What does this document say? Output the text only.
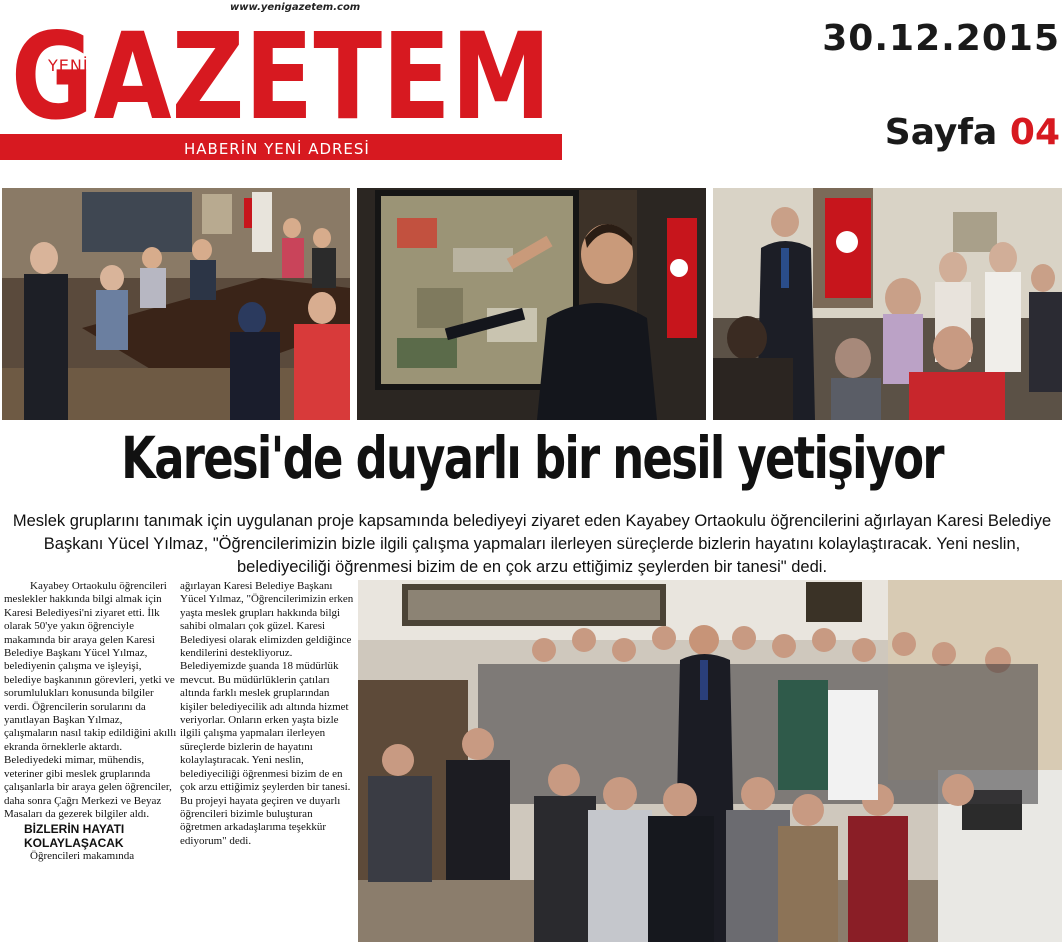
www.yenigazetem.com
GAZETEM
YENİ
HABERİN YENİ ADRESİ
30.12.2015
Sayfa 04
Karesi'de duyarlı bir nesil yetişiyor
Meslek gruplarını tanımak için uygulanan proje kapsamında belediyeyi ziyaret eden Kayabey Ortaokulu öğrencilerini ağırlayan Karesi Belediye Başkanı Yücel Yılmaz, "Öğrencilerimizin bizle ilgili çalışma yapmaları ilerleyen süreçlerde bizlerin hayatını kolaylaştıracak. Yeni neslin, belediyeciliği öğrenmesi bizim de en çok arzu ettiğimiz şeylerden bir tanesi" dedi.

Kayabey Ortaokulu öğrencileri meslekler hakkında bilgi almak için Karesi Belediyesi'ni ziyaret etti. İlk olarak 50'ye yakın öğrenciyle makamında bir araya gelen Karesi Belediye Başkanı Yücel Yılmaz, belediyenin çalışma ve işleyişi, belediye başkanının görevleri, yetki ve sorumlulukları konusunda bilgiler verdi. Öğrencilerin sorularını da yanıtlayan Başkan Yılmaz, çalışmaların nasıl takip edildiğini akıllı ekranda örneklerle aktardı. Belediyedeki mimar, mühendis, veteriner gibi meslek gruplarında çalışanlarla bir araya gelen öğrenciler, daha sonra Çağrı Merkezi ve Beyaz Masaları da gezerek bilgiler aldı.

BİZLERİN HAYATI KOLAYLAŞACAK

Öğrencileri makamında

ağırlayan Karesi Belediye Başkanı Yücel Yılmaz, "Öğrencilerimizin erken yaşta meslek grupları hakkında bilgi sahibi olmaları çok güzel. Karesi Belediyesi olarak elimizden geldiğince kendilerini destekliyoruz. Belediyemizde şuanda 18 müdürlük mevcut. Bu müdürlüklerin çatıları altında farklı meslek gruplarından kişiler belediyecilik adı altında hizmet veriyorlar. Onların erken yaşta bizle ilgili çalışma yapmaları ilerleyen süreçlerde bizlerin de hayatını kolaylaştıracak. Yeni neslin, belediyeciliği öğrenmesi bizim de en çok arzu ettiğimiz şeylerden bir tanesi. Bu projeyi hayata geçiren ve duyarlı öğrencileri bizimle buluşturan öğretmen arkadaşlarıma teşekkür ediyorum" dedi.
